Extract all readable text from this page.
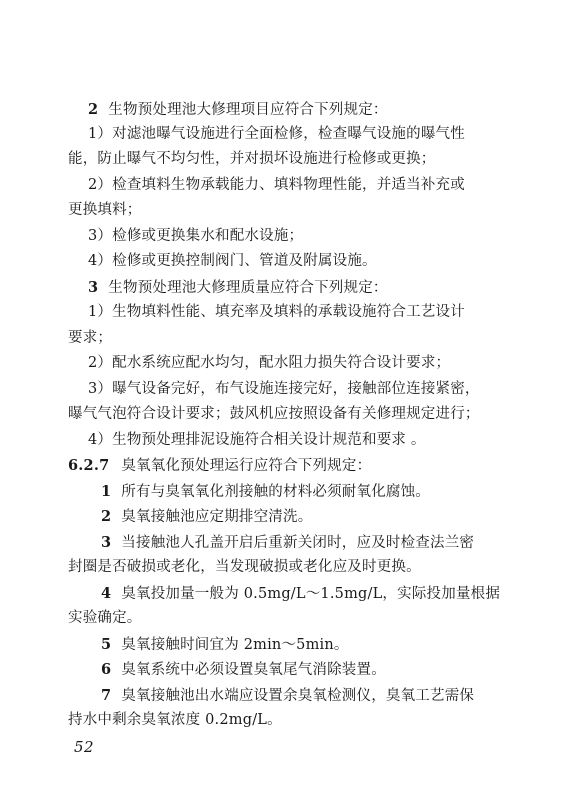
2 生物预处理池大修理项目应符合下列规定：

1）对滤池曝气设施进行全面检修，检查曝气设施的曝气性

能，防止曝气不均匀性，并对损坏设施进行检修或更换；

2）检查填料生物承载能力、填料物理性能，并适当补充或

更换填料；

3）检修或更换集水和配水设施；

4）检修或更换控制阀门、管道及附属设施。

3 生物预处理池大修理质量应符合下列规定：

1）生物填料性能、填充率及填料的承载设施符合工艺设计

要求；

2）配水系统应配水均匀，配水阻力损失符合设计要求；

3）曝气设备完好，布气设施连接完好，接触部位连接紧密，

曝气气泡符合设计要求；鼓风机应按照设备有关修理规定进行；

4）生物预处理排泥设施符合相关设计规范和要求 。

6.2.7 臭氧氧化预处理运行应符合下列规定：

1 所有与臭氧氧化剂接触的材料必须耐氧化腐蚀。

2 臭氧接触池应定期排空清洗。

3 当接触池人孔盖开启后重新关闭时，应及时检查法兰密

封圈是否破损或老化，当发现破损或老化应及时更换。

4 臭氧投加量一般为 0.5mg/L～1.5mg/L，实际投加量根据

实验确定。

5 臭氧接触时间宜为 2min～5min。

6 臭氧系统中必须设置臭氧尾气消除装置。

7 臭氧接触池出水端应设置余臭氧检测仪，臭氧工艺需保

持水中剩余臭氧浓度 0.2mg/L。

52
